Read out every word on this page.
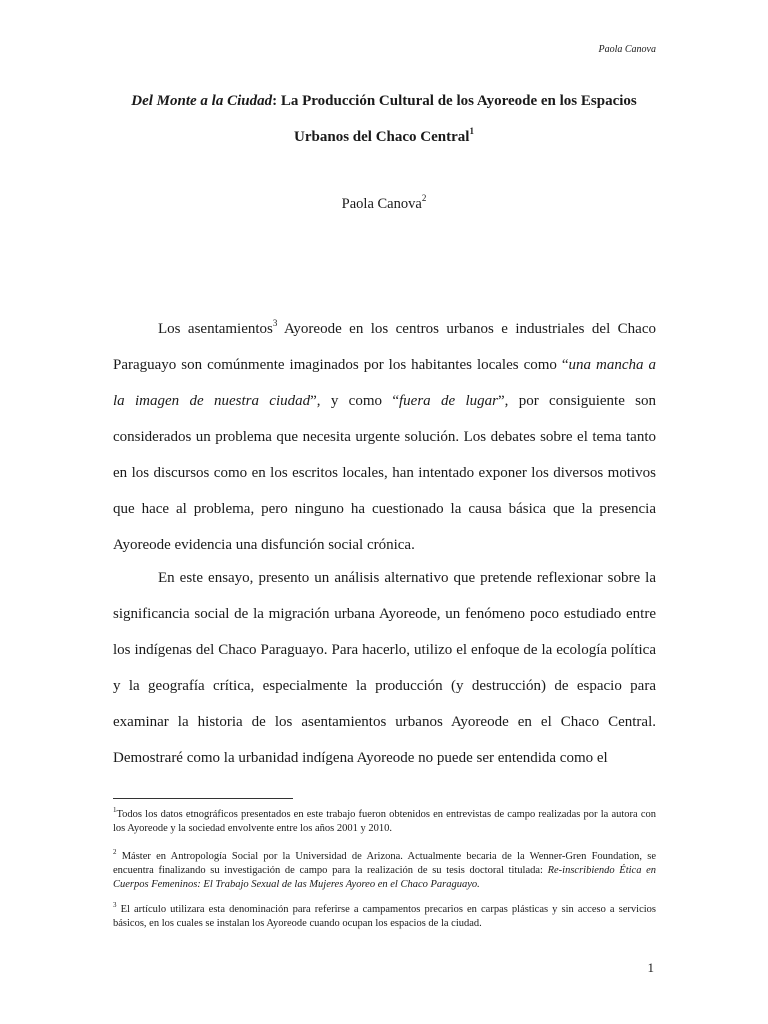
Paola Canova
Del Monte a la Ciudad: La Producción Cultural de los Ayoreode en los Espacios
Urbanos del Chaco Central$^1$
Paola Canova$^2$

Los asentamientos$^3$ Ayoreode en los centros urbanos e industriales del Chaco Paraguayo son comúnmente imaginados por los habitantes locales como “una mancha a la imagen de nuestra ciudad”, y como “fuera de lugar”, por consiguiente son considerados un problema que necesita urgente solución. Los debates sobre el tema tanto en los discursos como en los escritos locales, han intentado exponer los diversos motivos que hace al problema, pero ninguno ha cuestionado la causa básica que la presencia Ayoreode evidencia una disfunción social crónica.

En este ensayo, presento un análisis alternativo que pretende reflexionar sobre la significancia social de la migración urbana Ayoreode, un fenómeno poco estudiado entre los indígenas del Chaco Paraguayo. Para hacerlo, utilizo el enfoque de la ecología política y la geografía crítica, especialmente la producción (y destrucción) de espacio para examinar la historia de los asentamientos urbanos Ayoreode en el Chaco Central. Demostraré como la urbanidad indígena Ayoreode no puede ser entendida como el

$^1$Todos los datos etnográficos presentados en este trabajo fueron obtenidos en entrevistas de campo realizadas por la autora con los Ayoreode y la sociedad envolvente entre los años 2001 y 2010.
$^2$ Máster en Antropología Social por la Universidad de Arizona. Actualmente becaria de la Wenner-Gren Foundation, se encuentra finalizando su investigación de campo para la realización de su tesis doctoral titulada: Re-inscribiendo Ética en Cuerpos Femeninos: El Trabajo Sexual de las Mujeres Ayoreo en el Chaco Paraguayo.
$^3$ El artículo utilizara esta denominación para referirse a campamentos precarios en carpas plásticas y sin acceso a servicios básicos, en los cuales se instalan los Ayoreode cuando ocupan los espacios de la ciudad.
1
